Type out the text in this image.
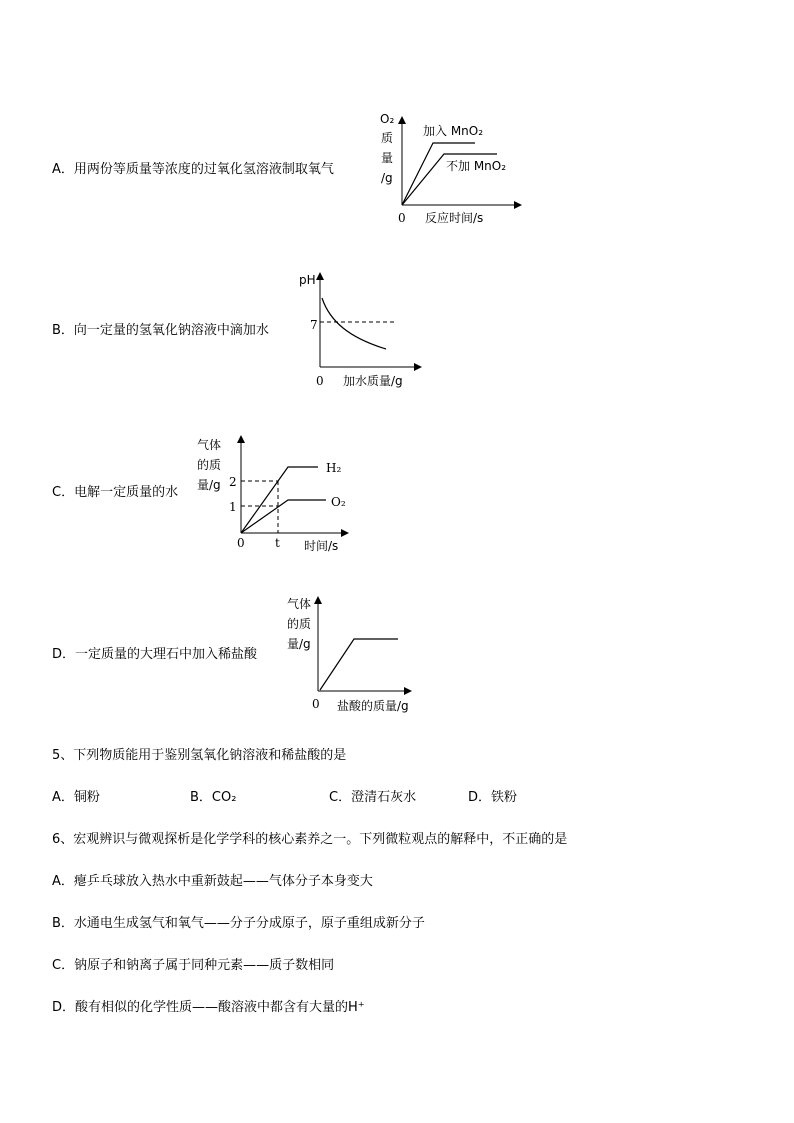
A．用两份等质量等浓度的过氧化氢溶液制取氧气
B．向一定量的氢氧化钠溶液中滴加水
C．电解一定质量的水
D．一定质量的大理石中加入稀盐酸
O₂
质
量
/g
0 反应时间/s
加入 MnO₂
不加 MnO₂
pH
7
0 加水质量/g
气体
的质
量/g 2
1
H₂
O₂
0	t 时间/s
气体
的质
量/g
0 盐酸的质量/g
5、下列物质能用于鉴别氢氧化钠溶液和稀盐酸的是
A．铜粉	B．CO₂	C．澄清石灰水	D．铁粉
6、宏观辨识与微观探析是化学学科的核心素养之一。下列微粒观点的解释中，不正确的是
A．瘪乒乓球放入热水中重新鼓起——气体分子本身变大
B．水通电生成氢气和氧气——分子分成原子，原子重组成新分子
C．钠原子和钠离子属于同种元素——质子数相同
D．酸有相似的化学性质——酸溶液中都含有大量的H⁺
